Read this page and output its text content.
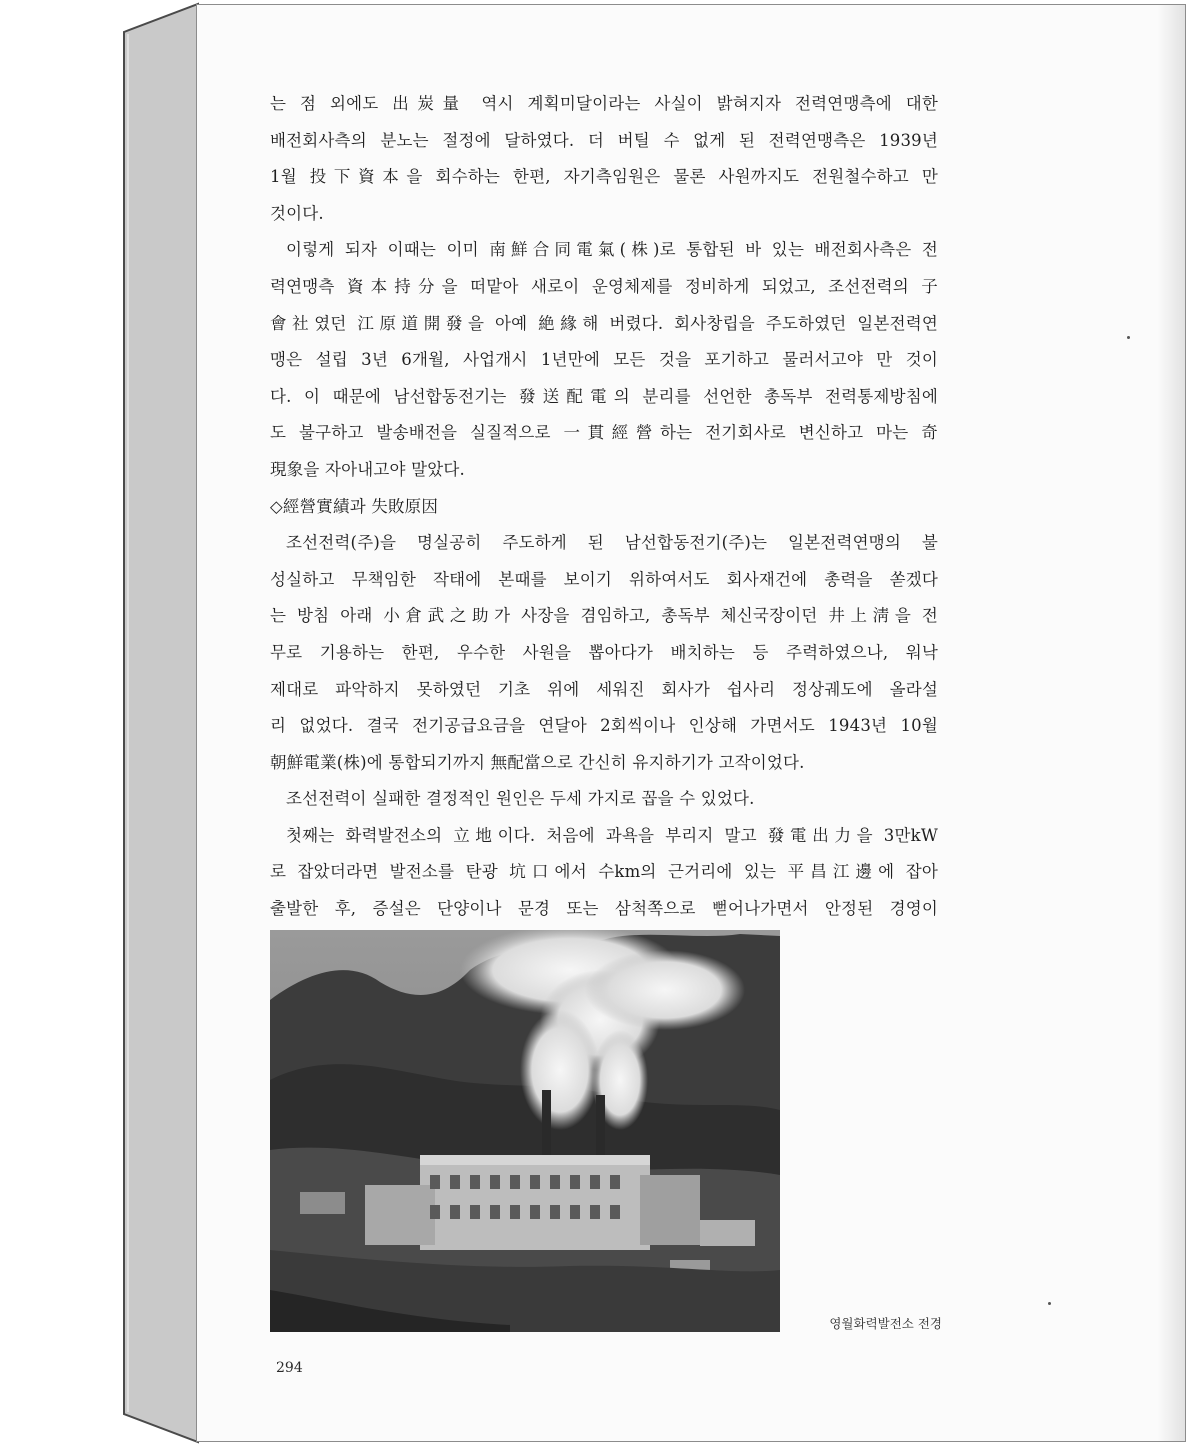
는 점 외에도 出炭量 역시 계획미달이라는 사실이 밝혀지자 전력연맹측에 대한
배전회사측의 분노는 절정에 달하였다. 더 버틸 수 없게 된 전력연맹측은 1939년
1월 投下資本을 회수하는 한편, 자기측임원은 물론 사원까지도 전원철수하고 만
것이다.
이렇게 되자 이때는 이미 南鮮合同電氣(株)로 통합된 바 있는 배전회사측은 전
력연맹측 資本持分을 떠맡아 새로이 운영체제를 정비하게 되었고, 조선전력의 子
會社였던 江原道開發을 아예 絶緣해 버렸다. 회사창립을 주도하였던 일본전력연
맹은 설립 3년 6개월, 사업개시 1년만에 모든 것을 포기하고 물러서고야 만 것이
다. 이 때문에 남선합동전기는 發送配電의 분리를 선언한 총독부 전력통제방침에
도 불구하고 발송배전을 실질적으로 一貫經營하는 전기회사로 변신하고 마는 奇
現象을 자아내고야 말았다.
◇經營實績과 失敗原因
조선전력(주)을 명실공히 주도하게 된 남선합동전기(주)는 일본전력연맹의 불
성실하고 무책임한 작태에 본때를 보이기 위하여서도 회사재건에 총력을 쏟겠다
는 방침 아래 小倉武之助가 사장을 겸임하고, 총독부 체신국장이던 井上淸을 전
무로 기용하는 한편, 우수한 사원을 뽑아다가 배치하는 등 주력하였으나, 워낙
제대로 파악하지 못하였던 기초 위에 세워진 회사가 쉽사리 정상궤도에 올라설
리 없었다. 결국 전기공급요금을 연달아 2회씩이나 인상해 가면서도 1943년 10월
朝鮮電業(株)에 통합되기까지 無配當으로 간신히 유지하기가 고작이었다.
조선전력이 실패한 결정적인 원인은 두세 가지로 꼽을 수 있었다.
첫째는 화력발전소의 立地이다. 처음에 과욕을 부리지 말고 發電出力을 3만kW
로 잡았더라면 발전소를 탄광 坑口에서 수km의 근거리에 있는 平昌江邊에 잡아
출발한 후, 증설은 단양이나 문경 또는 삼척쪽으로 뻗어나가면서 안정된 경영이
영월화력발전소 전경
294
